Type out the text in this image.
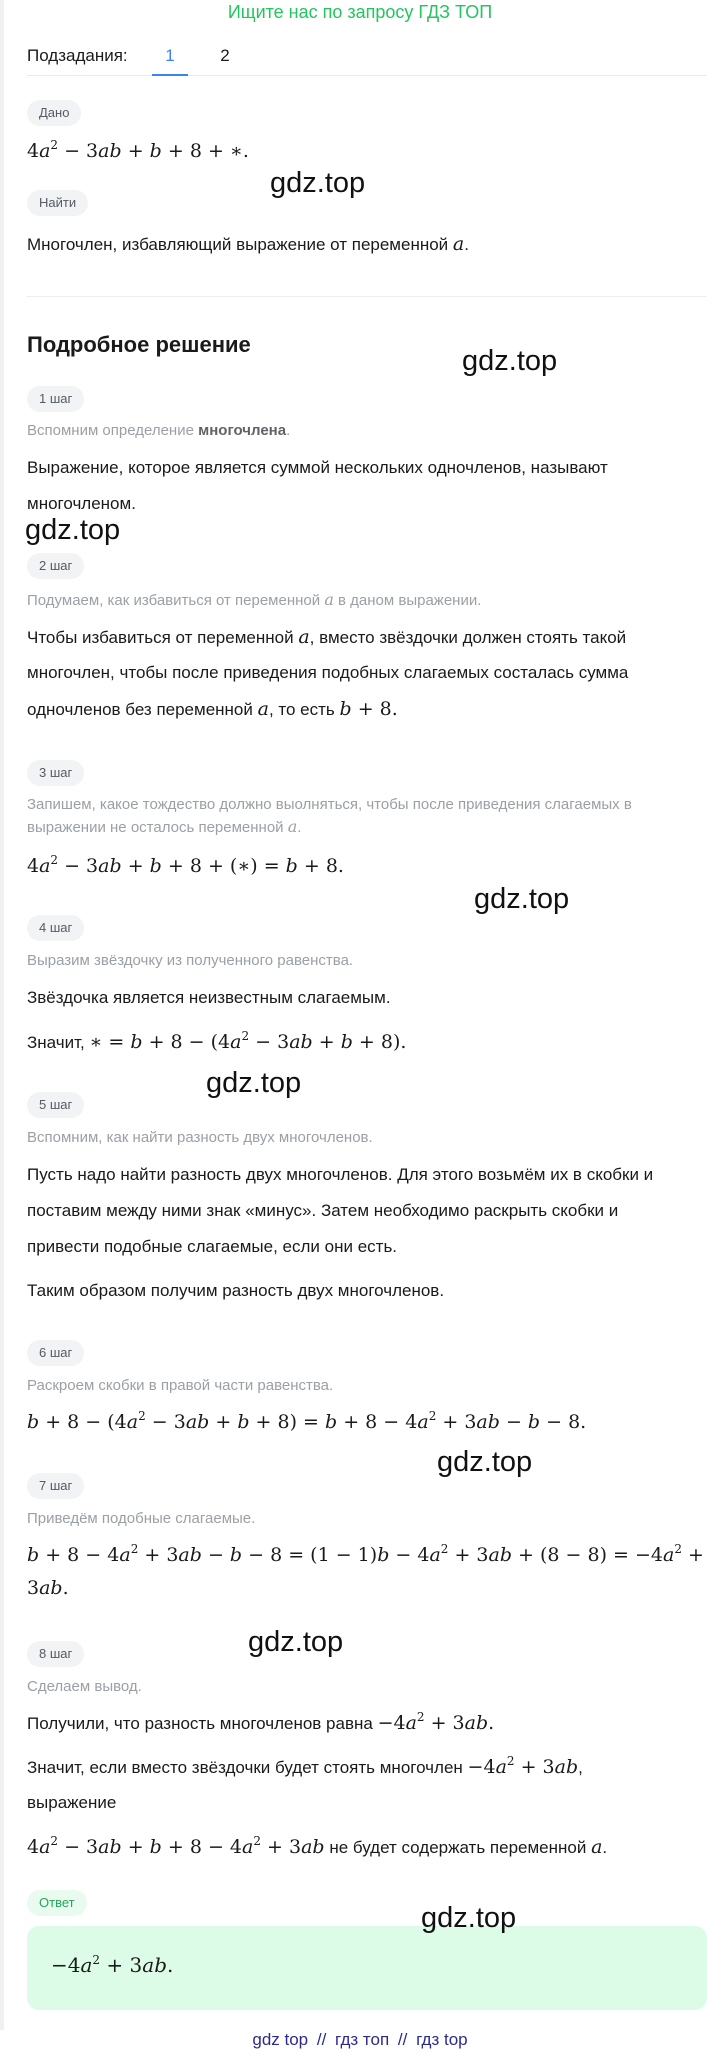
Ищите нас по запросу ГДЗ ТОП
Подзадания:	1	2
Дано
$4a^2 - 3ab + b + 8$ + ∗.
Найти
Многочлен, избавляющий выражение от переменной a.
Подробное решение
1 шаг
Вспомним определение многочлена.
Выражение, которое является суммой нескольких одночленов, называют
многочленом.
2 шаг
Подумаем, как избавиться от переменной a в даном выражении.
Чтобы избавиться от переменной a, вместо звёздочки должен стоять такой
многочлен, чтобы после приведения подобных слагаемых состалась сумма
одночленов без переменной a, то есть b + 8.
3 шаг
Запишем, какое тождество должно выолняться, чтобы после приведения слагаемых в
выражении не осталось переменной a.
$4a^2 - 3ab + b + 8$ + (∗) = b + 8.
4 шаг
Выразим звёздочку из полученного равенства.
Звёздочка является неизвестным слагаемым.
Значит, ∗ = $b + 8 - (4a^2 - 3ab + b + 8)$.
5 шаг
Вспомним, как найти разность двух многочленов.
Пусть надо найти разность двух многочленов. Для этого возьмём их в скобки и
поставим между ними знак «минус». Затем необходимо раскрыть скобки и
привести подобные слагаемые, если они есть.
Таким образом получим разность двух многочленов.
6 шаг
Раскроем скобки в правой части равенства.
$b + 8 - (4a^2 - 3ab + b + 8) = b + 8 - 4a^2 + 3ab - b - 8$.
7 шаг
Приведём подобные слагаемые.
$b + 8 - 4a^2 + 3ab - b - 8 = (1 - 1)b - 4a^2 + 3ab + (8 - 8) = -4a^2$ +
3ab.
8 шаг
Сделаем вывод.
Получили, что разность многочленов равна $-4a^2 + 3ab$.
Значит, если вместо звёздочки будет стоять многочлен $-4a^2 + 3ab$,
выражение
$4a^2 - 3ab + b + 8 - 4a^2 + 3ab$ не будет содержать переменной a.
Ответ
$-4a^2 + 3ab$.
gdz.top
gdz.top
gdz.top
gdz.top
gdz.top
gdz.top
gdz.top
gdz.top
gdz top // гдз топ // гдз top
